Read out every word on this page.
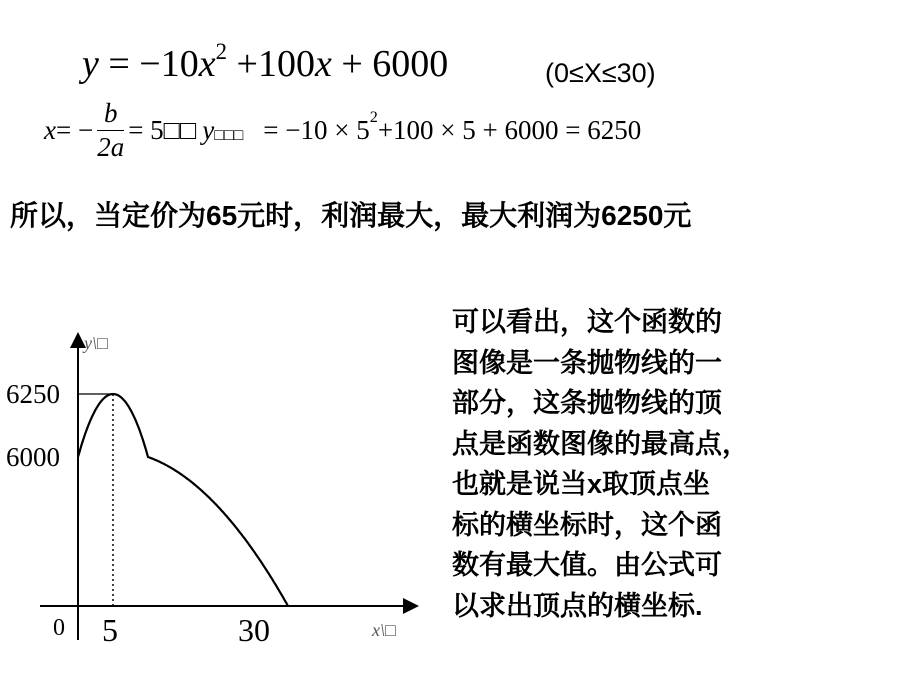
$y = -10x^2 +100x + 6000$	(0≤X≤30)
x = − $\frac{b}{2a}$ = 5□□ y □□□ = $-10 \times 5^2 +100 \times 5 + 6000 = 6250$
所以，当定价为65元时，利润最大，最大利润为6250元
可以看出，这个函数的
图像是一条抛物线的一
部分，这条抛物线的顶
点是函数图像的最高点，
也就是说当x取顶点坐
标的横坐标时，这个函
数有最大值。由公式可
以求出顶点的横坐标.
y\□
x\□
0
6250
6000
5	30
